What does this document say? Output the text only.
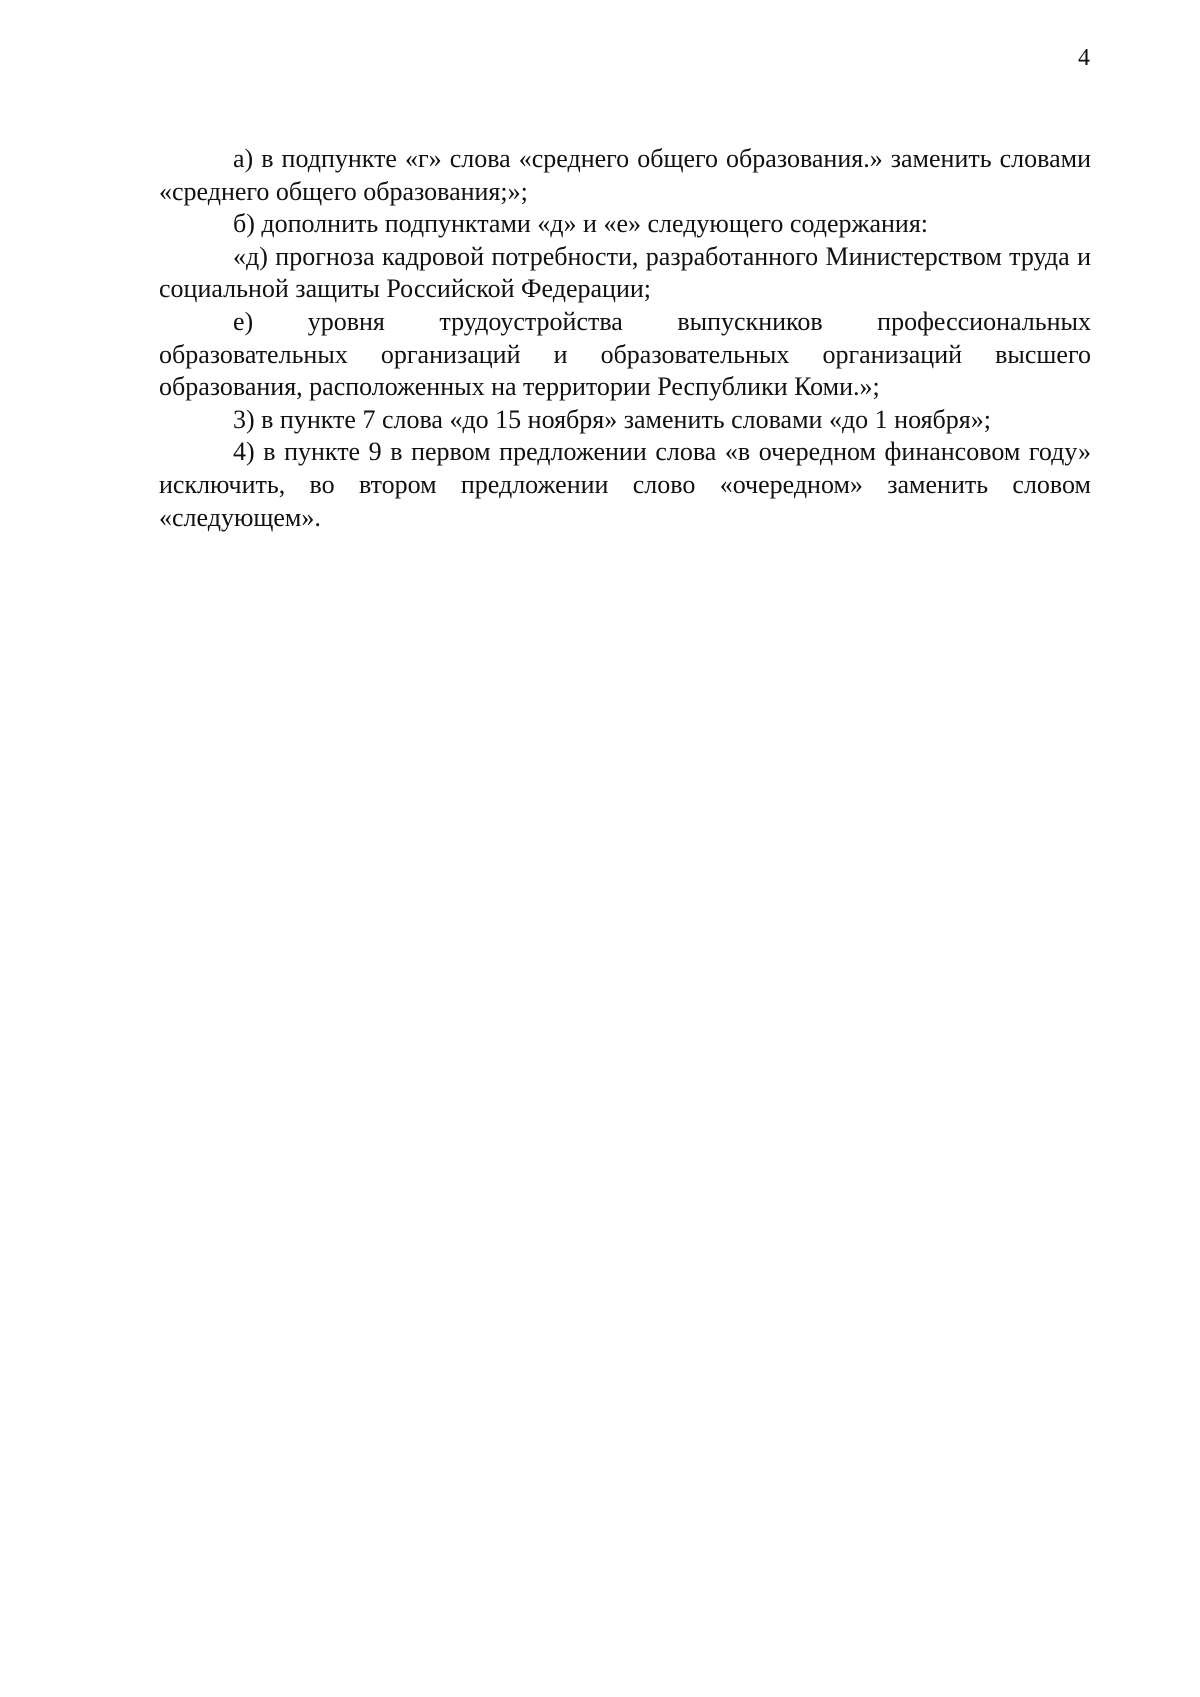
4

а) в подпункте «г» слова «среднего общего образования.» заменить словами «среднего общего образования;»;

б) дополнить подпунктами «д» и «е» следующего содержания:

«д) прогноза кадровой потребности, разработанного Министерством труда и социальной защиты Российской Федерации;

е) уровня трудоустройства выпускников профессиональных образовательных организаций и образовательных организаций высшего образования, расположенных на территории Республики Коми.»;

3) в пункте 7 слова «до 15 ноября» заменить словами «до 1 ноября»;

4) в пункте 9 в первом предложении слова «в очередном финансовом году» исключить, во втором предложении слово «очередном» заменить словом «следующем».
